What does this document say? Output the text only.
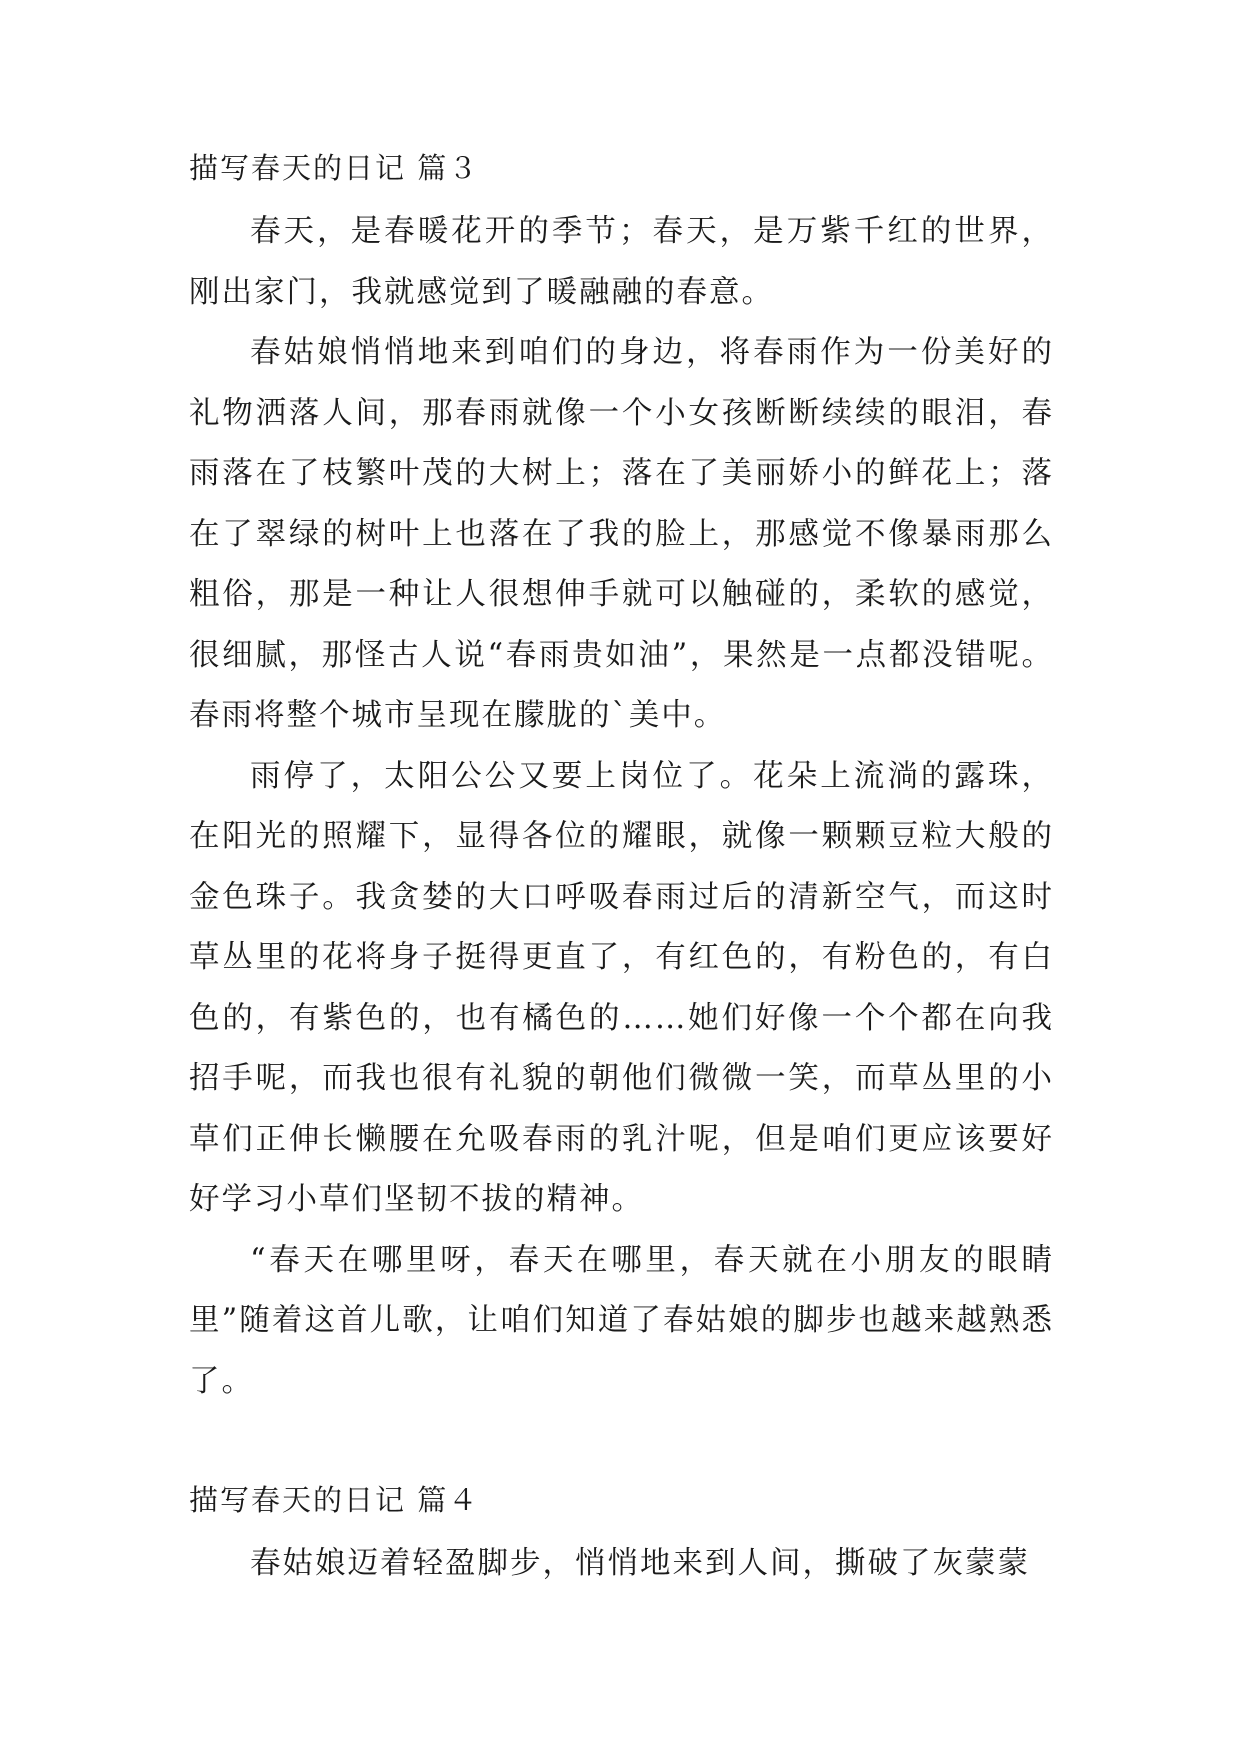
描写春天的日记 篇３

春天，是春暖花开的季节；春天，是万紫千红的世界，刚出家门，我就感觉到了暖融融的春意。

春姑娘悄悄地来到咱们的身边，将春雨作为一份美好的礼物洒落人间，那春雨就像一个小女孩断断续续的眼泪，春雨落在了枝繁叶茂的大树上；落在了美丽娇小的鲜花上；落在了翠绿的树叶上也落在了我的脸上，那感觉不像暴雨那么粗俗，那是一种让人很想伸手就可以触碰的，柔软的感觉，很细腻，那怪古人说“春雨贵如油”，果然是一点都没错呢。春雨将整个城市呈现在朦胧的`美中。

雨停了，太阳公公又要上岗位了。花朵上流淌的露珠，在阳光的照耀下，显得各位的耀眼，就像一颗颗豆粒大般的金色珠子。我贪婪的大口呼吸春雨过后的清新空气，而这时草丛里的花将身子挺得更直了，有红色的，有粉色的，有白色的，有紫色的，也有橘色的……她们好像一个个都在向我招手呢，而我也很有礼貌的朝他们微微一笑，而草丛里的小草们正伸长懒腰在允吸春雨的乳汁呢，但是咱们更应该要好好学习小草们坚韧不拔的精神。

“春天在哪里呀，春天在哪里，春天就在小朋友的眼睛里”随着这首儿歌，让咱们知道了春姑娘的脚步也越来越熟悉了。

描写春天的日记 篇４

春姑娘迈着轻盈脚步，悄悄地来到人间，撕破了灰蒙蒙
